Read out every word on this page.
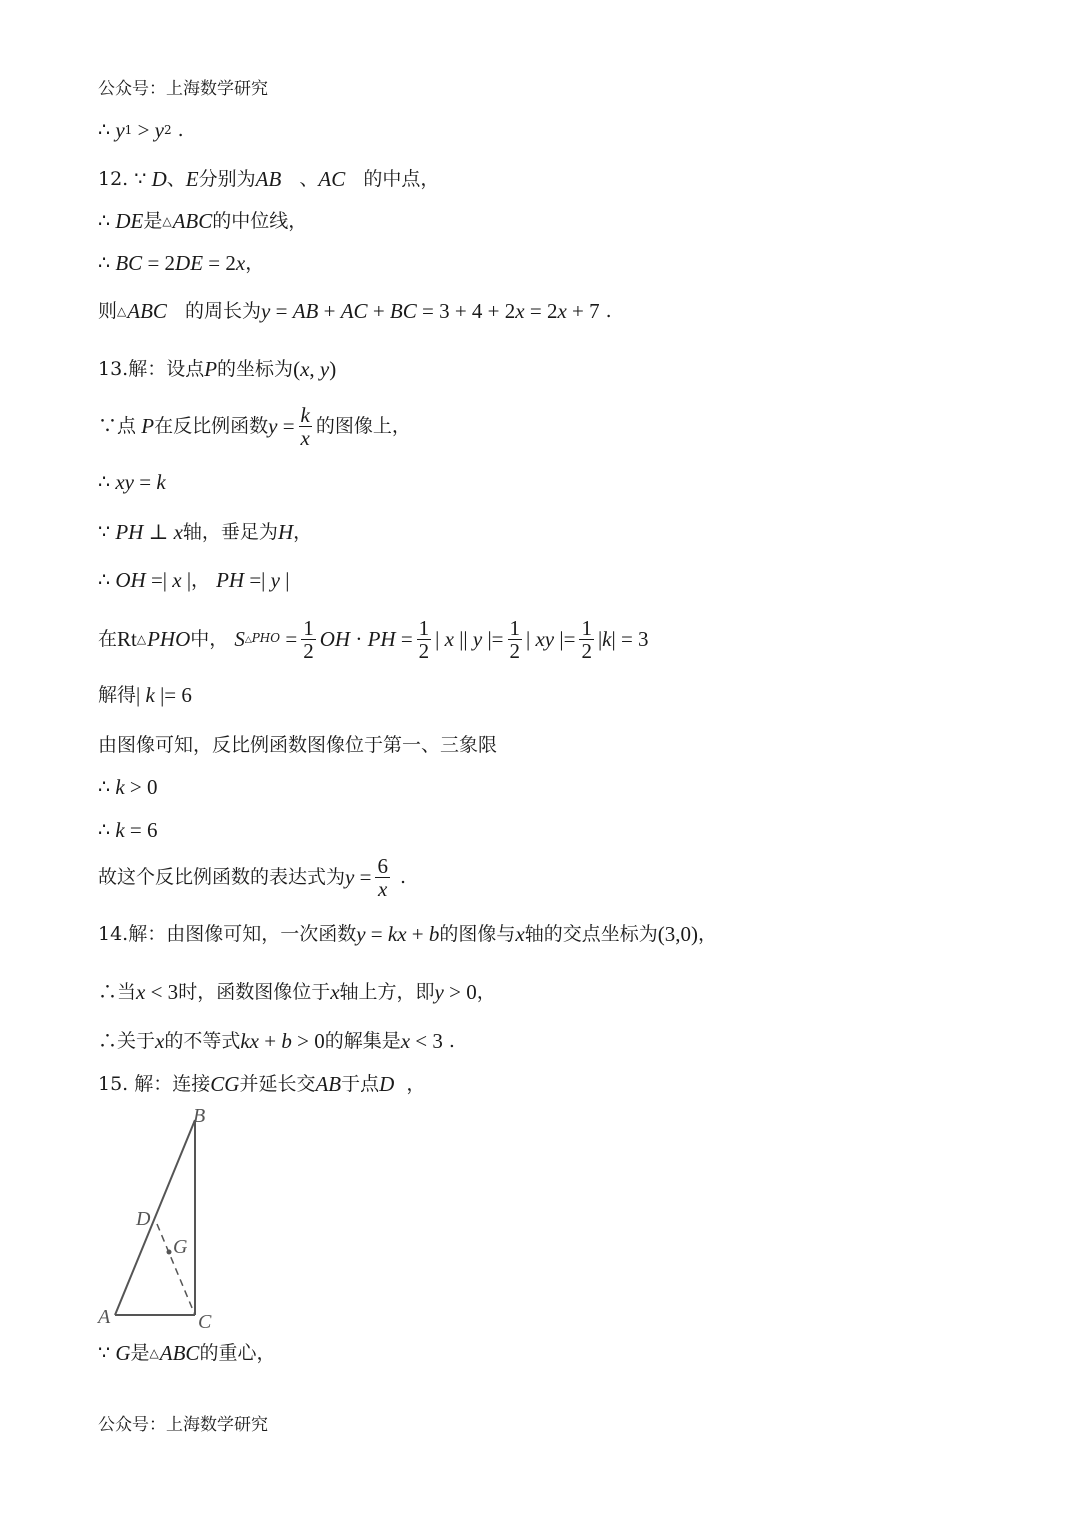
公众号：上海数学研究
∴ y 1 > y 2 .
12. ∵ D 、 E 分别为 AB 、 AC 的中点，
∴ DE 是 △ ABC 的中位线，
∴ BC = 2 DE = 2 x ，
则 △ ABC 的周长为 y = AB + AC + BC = 3 + 4 + 2 x = 2 x + 7 .
13.解：设点 P 的坐标为 ( x , y )
∵点 P 在反比例函数 $y = \frac{k}{x}$ 的图像上，
∴ xy = k
∵ PH ⊥ x 轴，垂足为 H ，
∴ OH =| x | ， PH =| y |
在 Rt △ PHO 中， S △PHO = $\frac{1}{2}$ OH · PH = $\frac{1}{2}$ | x || y |= $\frac{1}{2}$ | xy |= $\frac{1}{2}$ | k | = 3
解得 | k |= 6
由图像可知，反比例函数图像位于第一、三象限
∴ k > 0
∴ k = 6
故这个反比例函数的表达式为 $y = \frac{6}{x}$ .
14.解：由图像可知，一次函数 y = kx + b 的图像与 x 轴的交点坐标为 ( 3,0 ) ，
∴当 x < 3 时，函数图像位于 x 轴上方，即 y > 0 ，
∴关于 x 的不等式 kx + b > 0 的解集是 x < 3 .
15. 解：连接 CG 并延长交 AB 于点 D ，
B
D
G
A	C
∵ G 是 △ ABC 的重心，
公众号：上海数学研究
